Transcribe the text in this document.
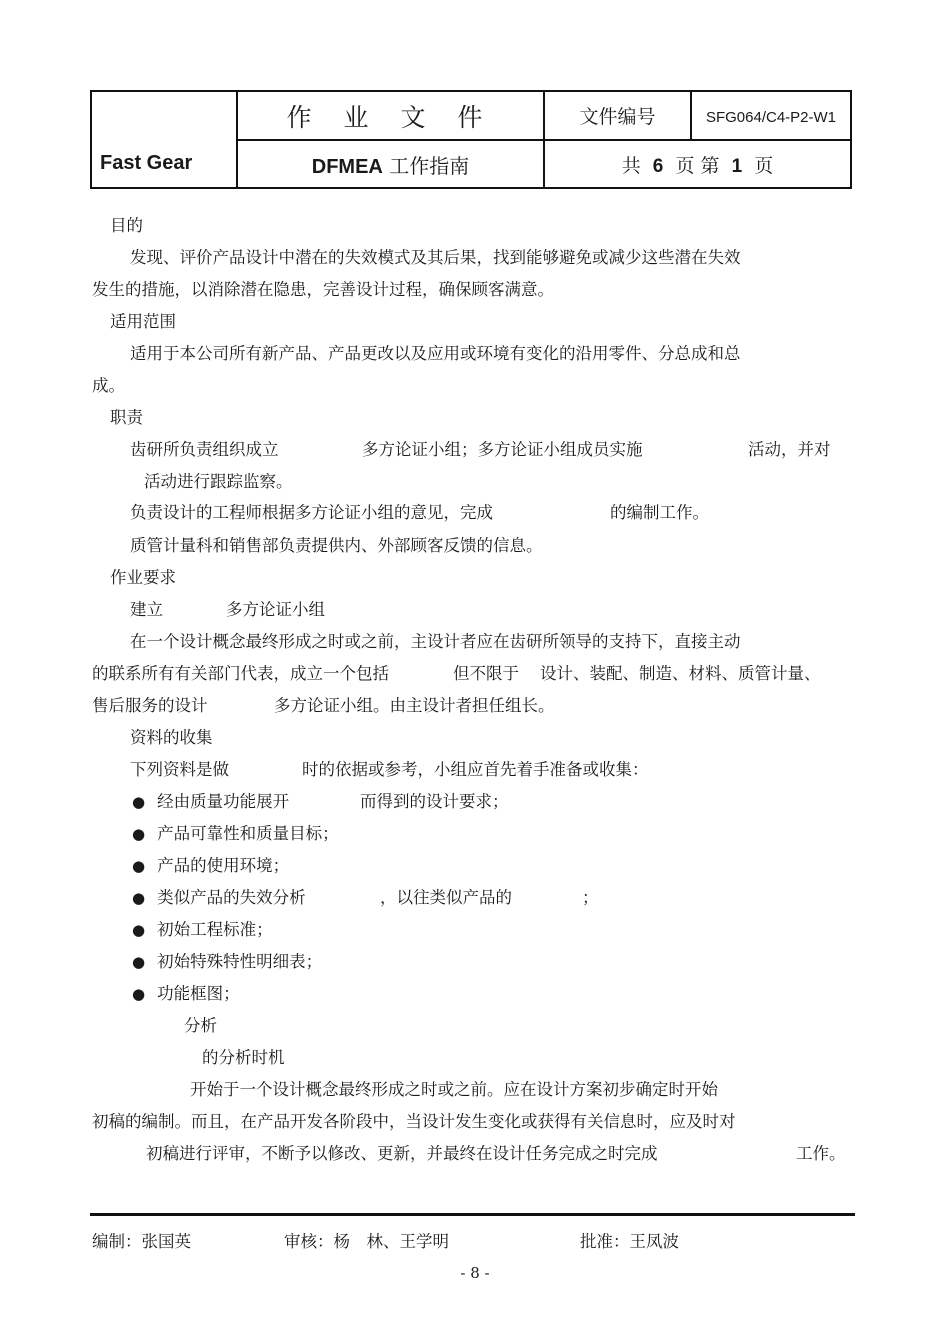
Fast Gear	作 业 文 件	文件编号	SFG064/C4-P2-W1
	DFMEA 工作指南	共 6 页 第 1 页	
目的
发现、评价产品设计中潜在的失效模式及其后果，找到能够避免或减少这些潜在失效
发生的措施，以消除潜在隐患，完善设计过程，确保顾客满意。
适用范围
适用于本公司所有新产品、产品更改以及应用或环境有变化的沿用零件、分总成和总
成。
职责
齿研所负责组织成立	多方论证小组；多方论证小组成员实施	活动，并对
活动进行跟踪监察。
负责设计的工程师根据多方论证小组的意见，完成	的编制工作。
质管计量科和销售部负责提供内、外部顾客反馈的信息。
作业要求
建立	多方论证小组
在一个设计概念最终形成之时或之前，主设计者应在齿研所领导的支持下，直接主动
的联系所有有关部门代表，成立一个包括	但不限于 设计、装配、制造、材料、质管计量、
售后服务的设计	多方论证小组。由主设计者担任组长。
资料的收集
下列资料是做	时的依据或参考，小组应首先着手准备或收集：
● 经由质量功能展开	而得到的设计要求；
● 产品可靠性和质量目标；
● 产品的使用环境；
● 类似产品的失效分析	，以往类似产品的	；
● 初始工程标准；
● 初始特殊特性明细表；
● 功能框图；
分析
的分析时机
开始于一个设计概念最终形成之时或之前。应在设计方案初步确定时开始
初稿的编制。而且，在产品开发各阶段中，当设计发生变化或获得有关信息时，应及时对
初稿进行评审，不断予以修改、更新，并最终在设计任务完成之时完成	工作。
编制：张国英	审核：杨　林、王学明	批准：王凤波
- 8 -
